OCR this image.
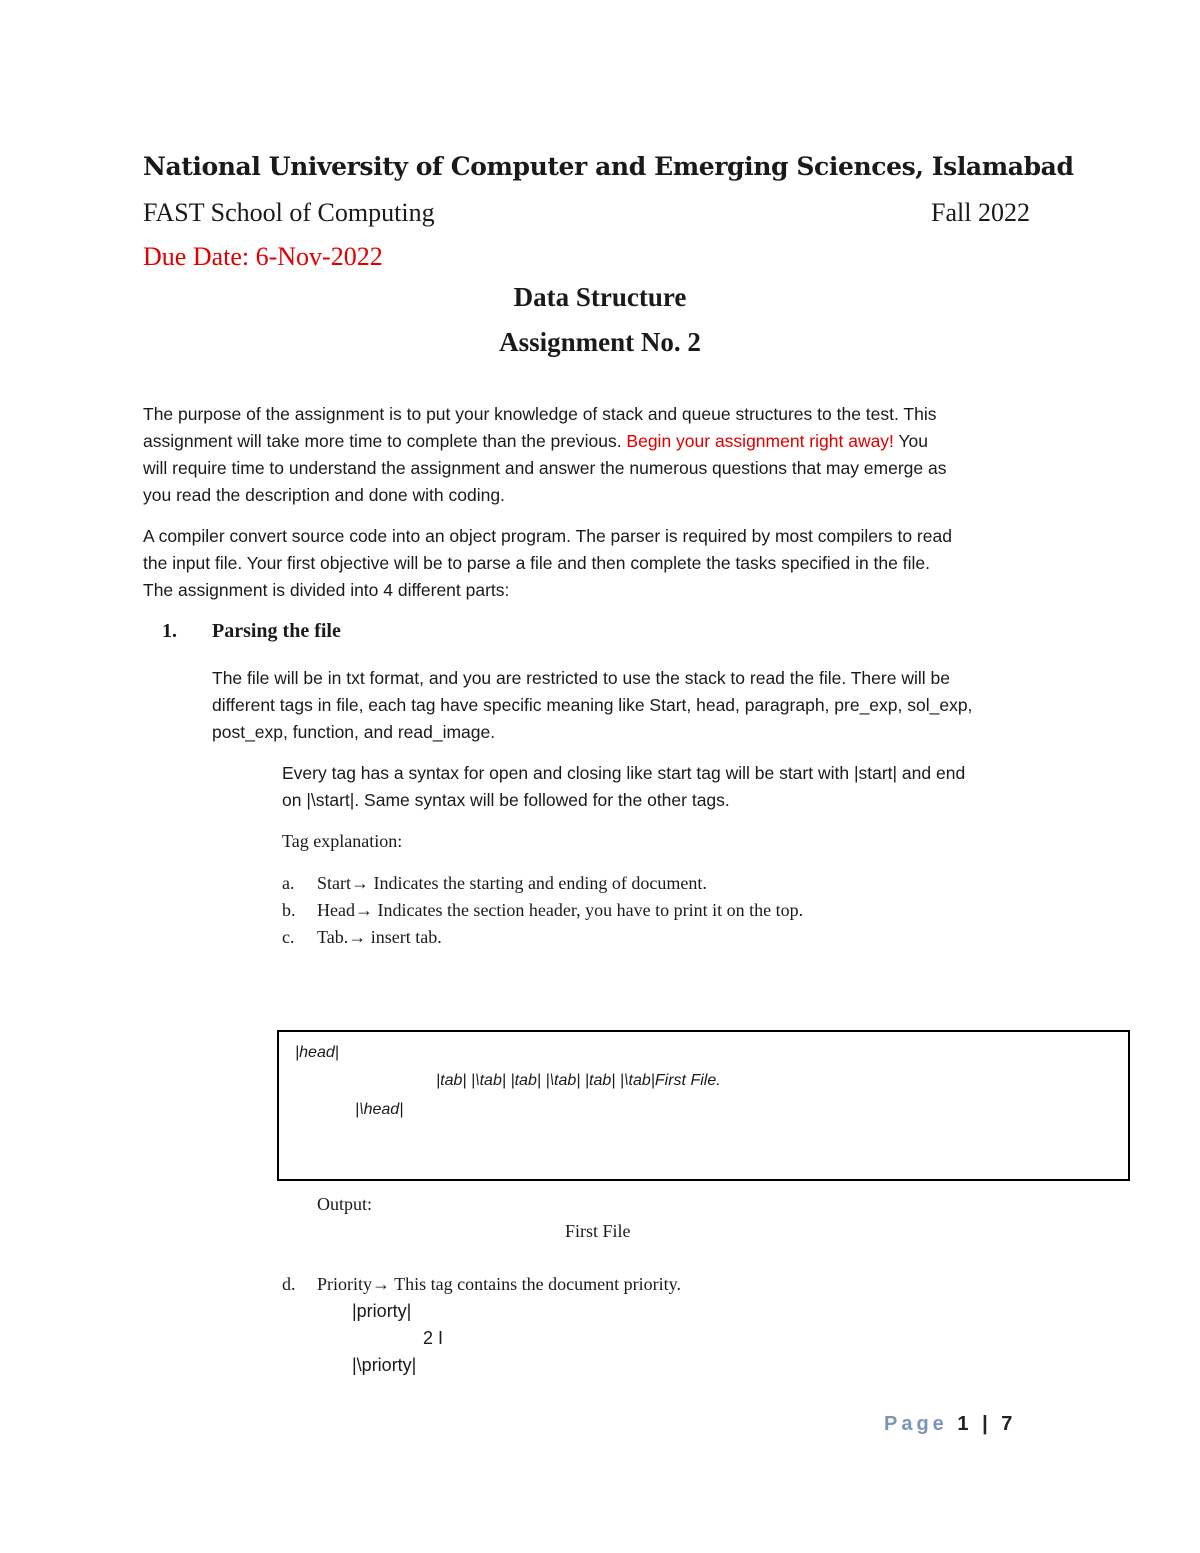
National University of Computer and Emerging Sciences, Islamabad
FAST School of Computing	Fall 2022
Due Date: 6-Nov-2022
Data Structure
Assignment No. 2

The purpose of the assignment is to put your knowledge of stack and queue structures to the test. This

assignment will take more time to complete than the previous. Begin your assignment right away! You

will require time to understand the assignment and answer the numerous questions that may emerge as

you read the description and done with coding.

A compiler convert source code into an object program. The parser is required by most compilers to read

the input file. Your first objective will be to parse a file and then complete the tasks specified in the file.

The assignment is divided into 4 different parts:

1. Parsing the file

The file will be in txt format, and you are restricted to use the stack to read the file. There will be

different tags in file, each tag have specific meaning like Start, head, paragraph, pre_exp, sol_exp,

post_exp, function, and read_image.

Every tag has a syntax for open and closing like start tag will be start with |start| and end

on |\start|. Same syntax will be followed for the other tags.

Tag explanation:
a. Start→ Indicates the starting and ending of document.
b. Head→ Indicates the section header, you have to print it on the top.
c. Tab.→ insert tab.
|head|
|tab| |\tab| |tab| |\tab| |tab| |\tab|First File.
|\head|
Output:
First File
d. Priority→ This tag contains the document priority.
|priorty|
2 I
|\priorty|
Page 1 | 7
